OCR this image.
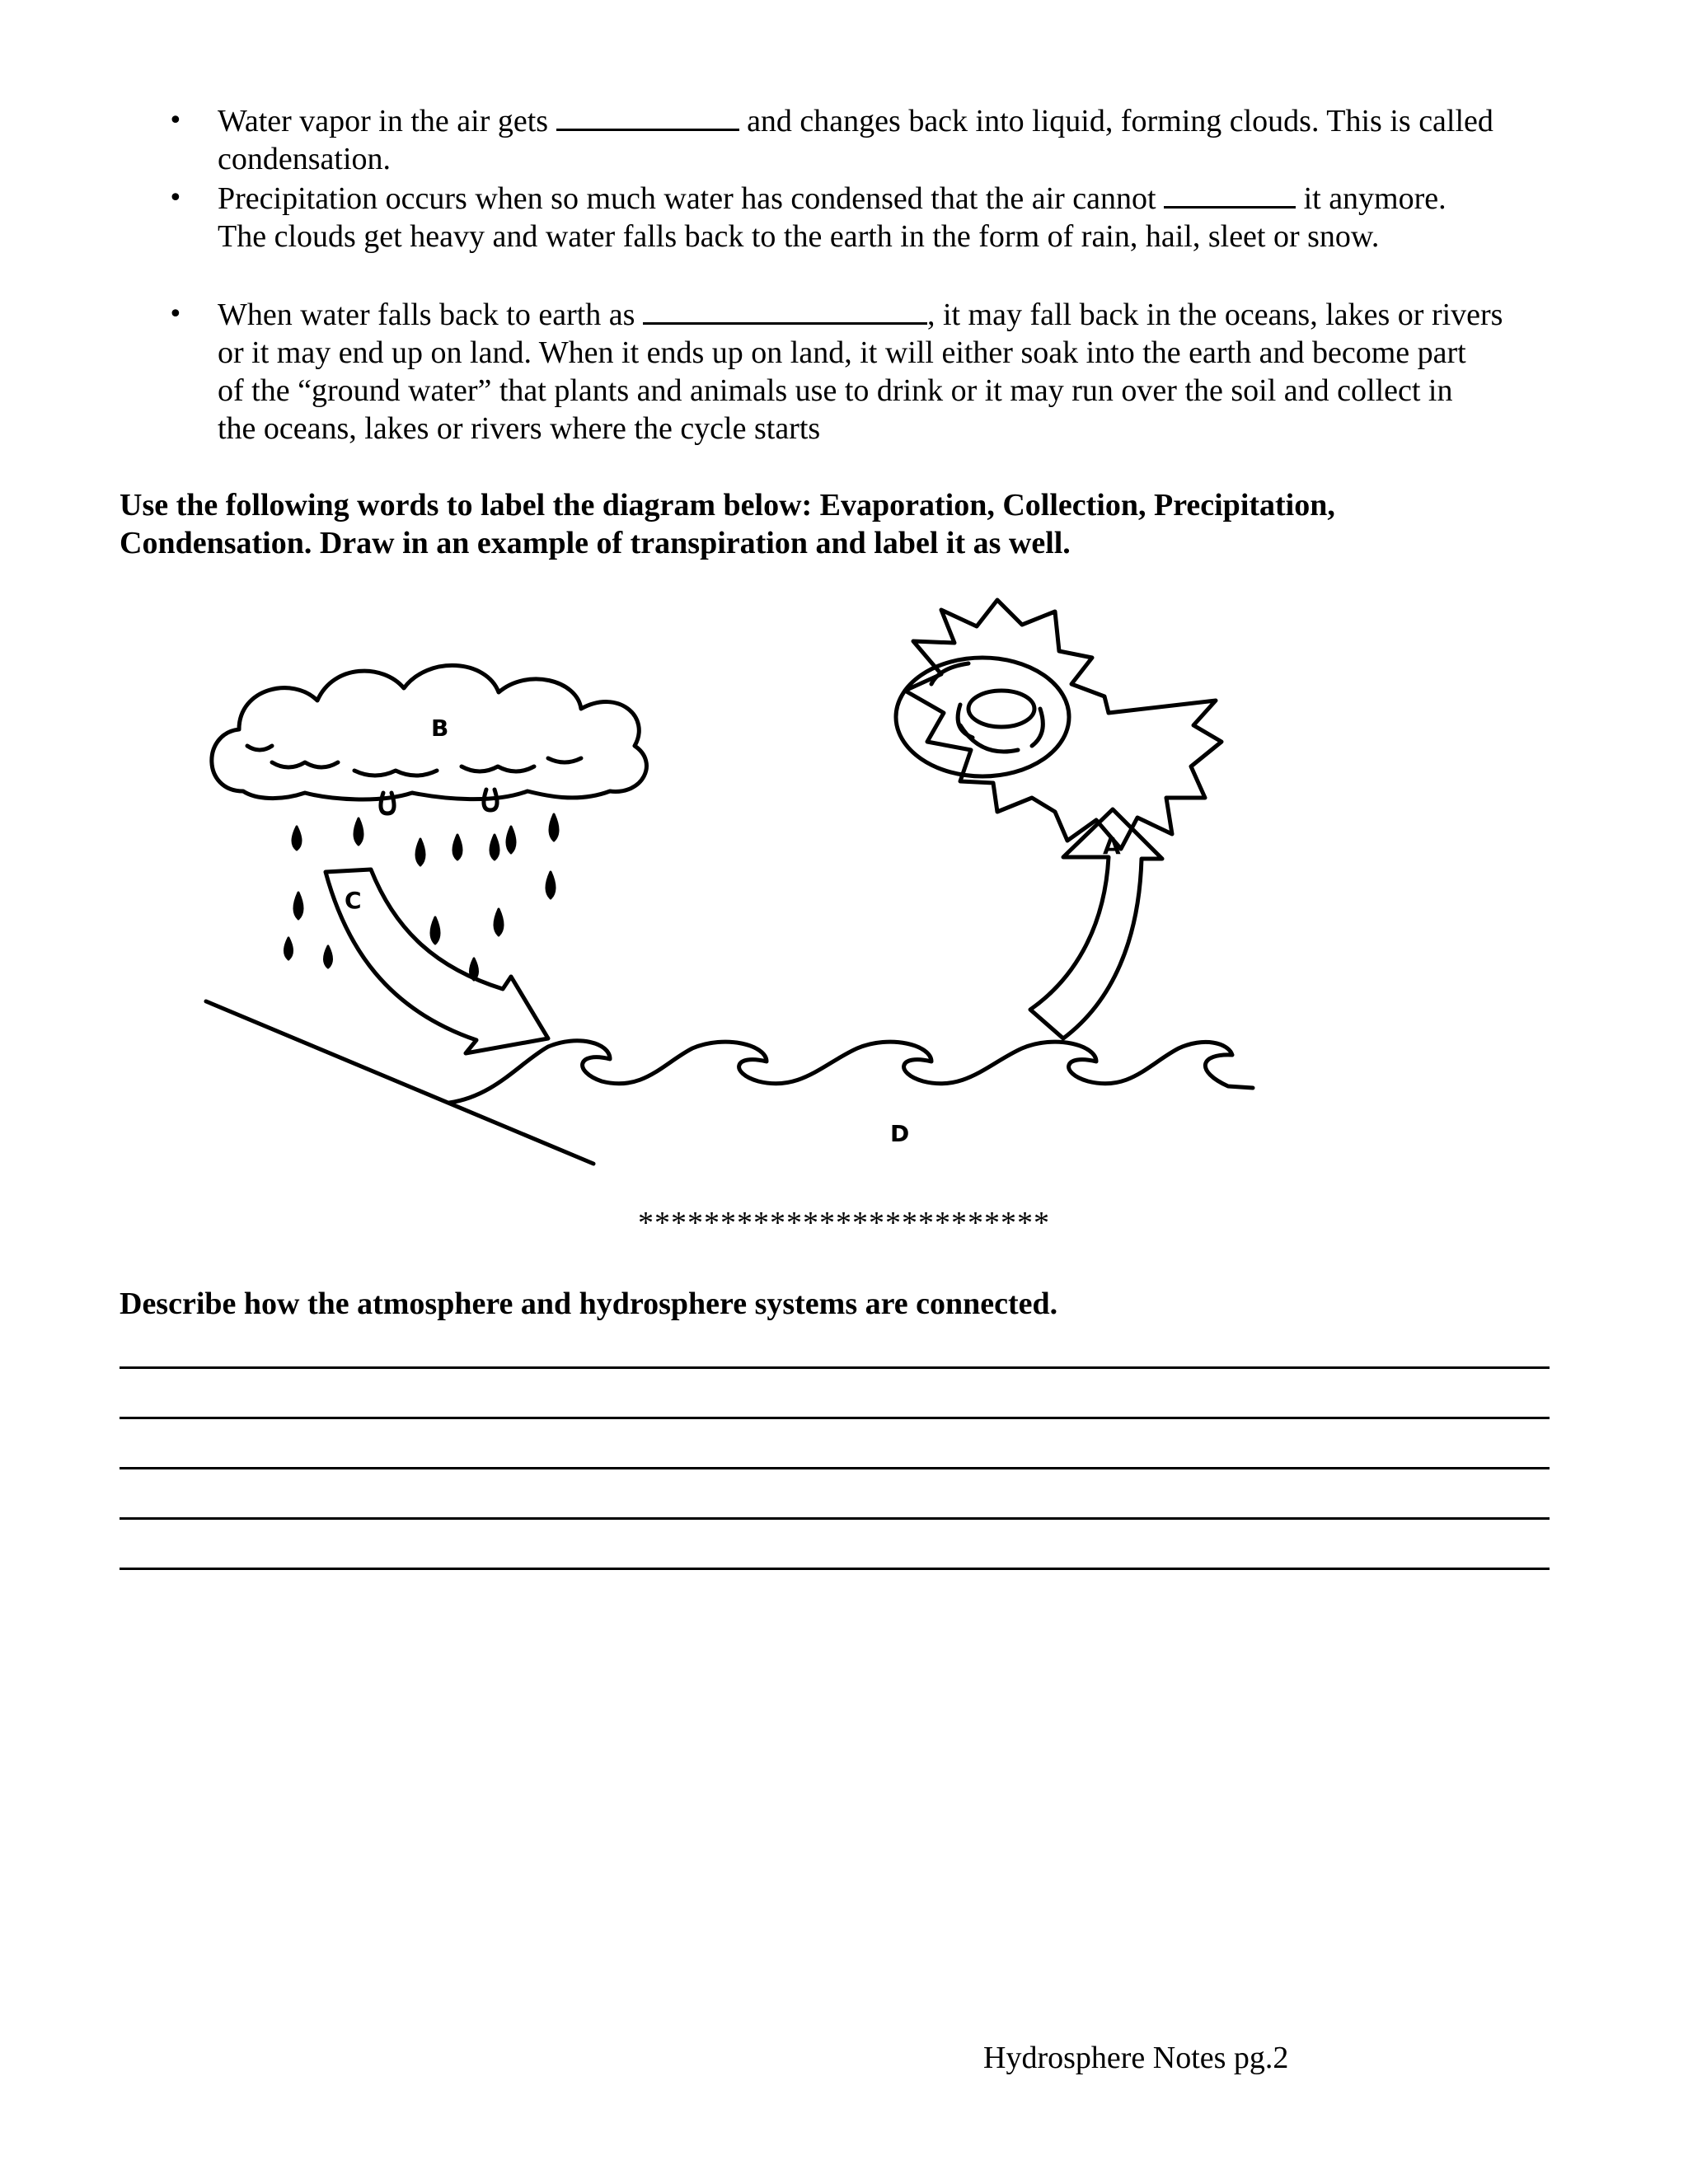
• Water vapor in the air gets	and changes back into liquid, forming clouds. This is called
condensation.
• Precipitation occurs when so much water has condensed that the air cannot	it anymore.
The clouds get heavy and water falls back to the earth in the form of rain, hail, sleet or snow.
• When water falls back to earth as	, it may fall back in the oceans, lakes or rivers
or it may end up on land. When it ends up on land, it will either soak into the earth and become part
of the “ground water” that plants and animals use to drink or it may run over the soil and collect in
the oceans, lakes or rivers where the cycle starts
Use the following words to label the diagram below: Evaporation, Collection, Precipitation,
Condensation. Draw in an example of transpiration and label it as well.
B
C
A
D
*************************
Describe how the atmosphere and hydrosphere systems are connected.
Hydrosphere Notes pg.2
